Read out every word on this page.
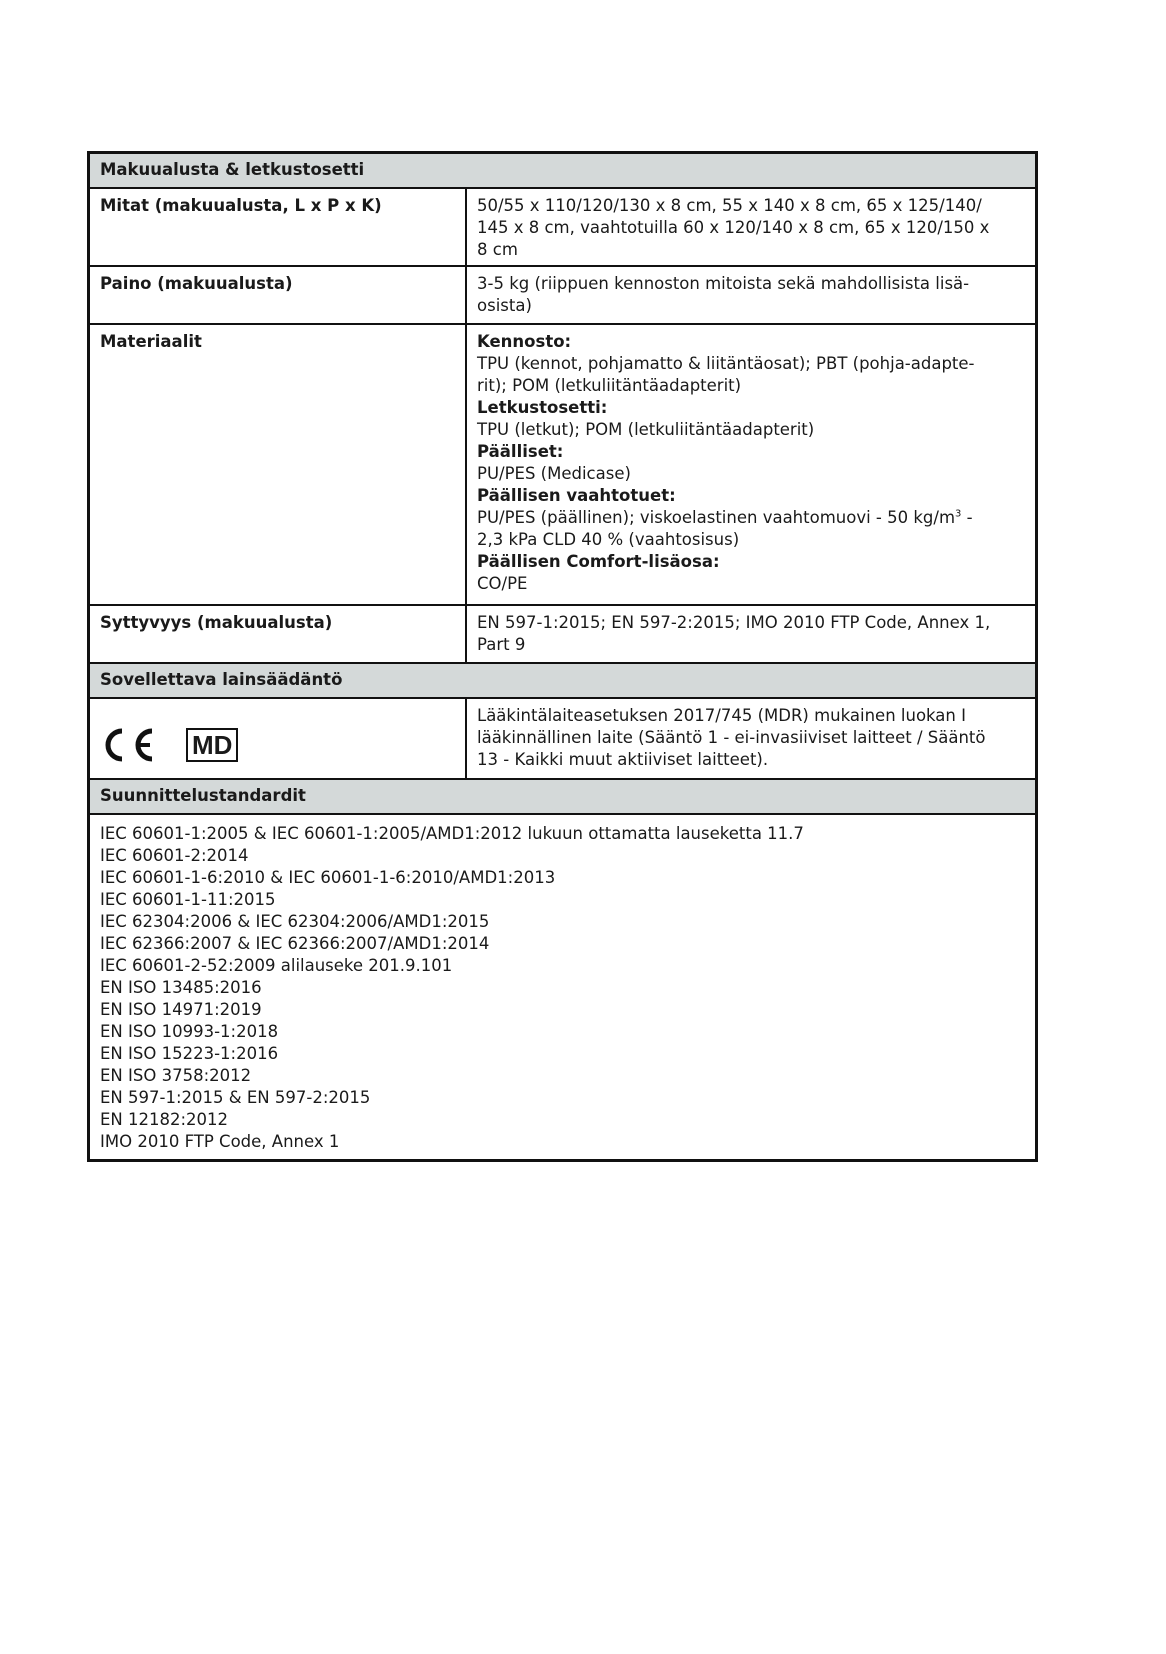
Makuualusta & letkustosetti
Mitat (makuualusta, L x P x K)	50/55 x 110/120/130 x 8 cm, 55 x 140 x 8 cm, 65 x 125/140/
145 x 8 cm, vaahtotuilla 60 x 120/140 x 8 cm, 65 x 120/150 x
8 cm
Paino (makuualusta)	3-5 kg (riippuen kennoston mitoista sekä mahdollisista lisä-
osista)
Materiaalit	Kennosto:
TPU (kennot, pohjamatto & liitäntäosat); PBT (pohja-adapte-
rit); POM (letkuliitäntäadapterit)
Letkustosetti:
TPU (letkut); POM (letkuliitäntäadapterit)
Päälliset:
PU/PES (Medicase)
Päällisen vaahtotuet:
PU/PES (päällinen); viskoelastinen vaahtomuovi - 50 $kg/m^3$ -
2,3 kPa CLD 40 % (vaahtosisus)
Päällisen Comfort-lisäosa:
CO/PE
Syttyvyys (makuualusta)	EN 597-1:2015; EN 597-2:2015; IMO 2010 FTP Code, Annex 1,
Part 9
Sovellettava lainsäädäntö
MD
Lääkintälaiteasetuksen 2017/745 (MDR) mukainen luokan I
lääkinnällinen laite (Sääntö 1 - ei-invasiiviset laitteet / Sääntö
13 - Kaikki muut aktiiviset laitteet).
Suunnittelustandardit
IEC 60601-1:2005 & IEC 60601-1:2005/AMD1:2012 lukuun ottamatta lauseketta 11.7
IEC 60601-2:2014
IEC 60601-1-6:2010 & IEC 60601-1-6:2010/AMD1:2013
IEC 60601-1-11:2015
IEC 62304:2006 & IEC 62304:2006/AMD1:2015
IEC 62366:2007 & IEC 62366:2007/AMD1:2014
IEC 60601-2-52:2009 alilauseke 201.9.101
EN ISO 13485:2016
EN ISO 14971:2019
EN ISO 10993-1:2018
EN ISO 15223-1:2016
EN ISO 3758:2012
EN 597-1:2015 & EN 597-2:2015
EN 12182:2012
IMO 2010 FTP Code, Annex 1
